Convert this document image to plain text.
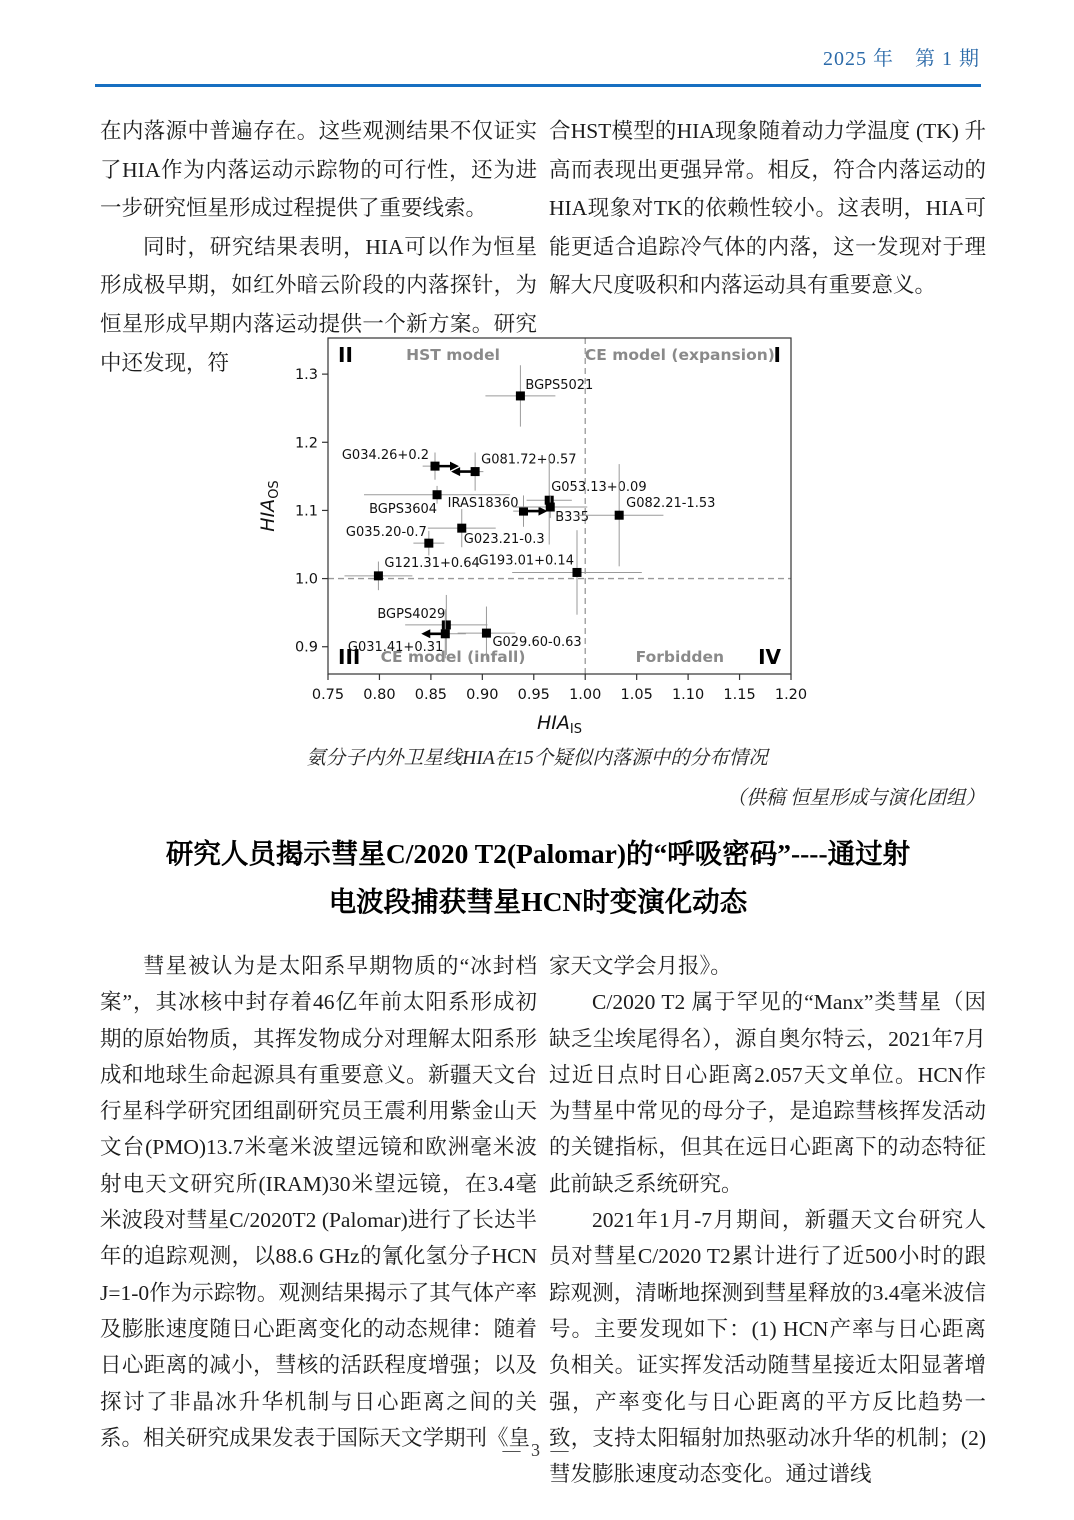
2025 年　第 1 期

在内落源中普遍存在。这些观测结果不仅证实了HIA作为内落运动示踪物的可行性，还为进一步研究恒星形成过程提供了重要线索。

同时，研究结果表明，HIA可以作为恒星形成极早期，如红外暗云阶段的内落探针，为恒星形成早期内落运动提供一个新方案。研究中还发现，符

合HST模型的HIA现象随着动力学温度 (TK) 升高而表现出更强异常。相反，符合内落运动的HIA现象对TK的依赖性较小。这表明，HIA可能更适合追踪冷气体的内落，这一发现对于理解大尺度吸积和内落运动具有重要意义。

II	HST model	I
CE model (expansion)
III CE model (infall)	IV
Forbidden
BGPS5021
G034.26+0.2	G081.72+0.57
BGPS3604 IRAS18360
G053.13+0.09
B335
G082.21-1.53
G035.20-0.7	G023.21-0.3
G121.31+0.64
G193.01+0.14
BGPS4029
G031.41+0.31	G029.60-0.63
0.75 0.80 0.85 0.90 0.95 1.00 1.05 1.10 1.15 1.20
0.9
1.0
1.1
1.2
1.3
$HIA_{IS}$
$HIA_{OS}$
氨分子内外卫星线HIA在15个疑似内落源中的分布情况
（供稿 恒星形成与演化团组）
研究人员揭示彗星C/2020 T2(Palomar)的“呼吸密码”----通过射
电波段捕获彗星HCN时变演化动态

彗星被认为是太阳系早期物质的“冰封档案”，其冰核中封存着46亿年前太阳系形成初期的原始物质，其挥发物成分对理解太阳系形成和地球生命起源具有重要意义。新疆天文台行星科学研究团组副研究员王震利用紫金山天文台(PMO)13.7米毫米波望远镜和欧洲毫米波射电天文研究所(IRAM)30米望远镜，在3.4毫米波段对彗星C/2020T2 (Palomar)进行了长达半年的追踪观测，以88.6 GHz的氰化氢分子HCN J=1-0作为示踪物。观测结果揭示了其气体产率及膨胀速度随日心距离变化的动态规律：随着日心距离的减小，彗核的活跃程度增强；以及探讨了非晶冰升华机制与日心距离之间的关系。相关研究成果发表于国际天文学期刊《皇

家天文学会月报》。

C/2020 T2 属于罕见的“Manx”类彗星（因缺乏尘埃尾得名），源自奥尔特云，2021年7月过近日点时日心距离2.057天文单位。HCN作为彗星中常见的母分子，是追踪彗核挥发活动的关键指标，但其在远日心距离下的动态特征此前缺乏系统研究。

2021年1月-7月期间，新疆天文台研究人员对彗星C/2020 T2累计进行了近500小时的跟踪观测，清晰地探测到彗星释放的3.4毫米波信号。主要发现如下：(1) HCN产率与日心距离负相关。证实挥发活动随彗星接近太阳显著增强，产率变化与日心距离的平方反比趋势一致，支持太阳辐射加热驱动冰升华的机制；(2)彗发膨胀速度动态变化。通过谱线

— 3 —
